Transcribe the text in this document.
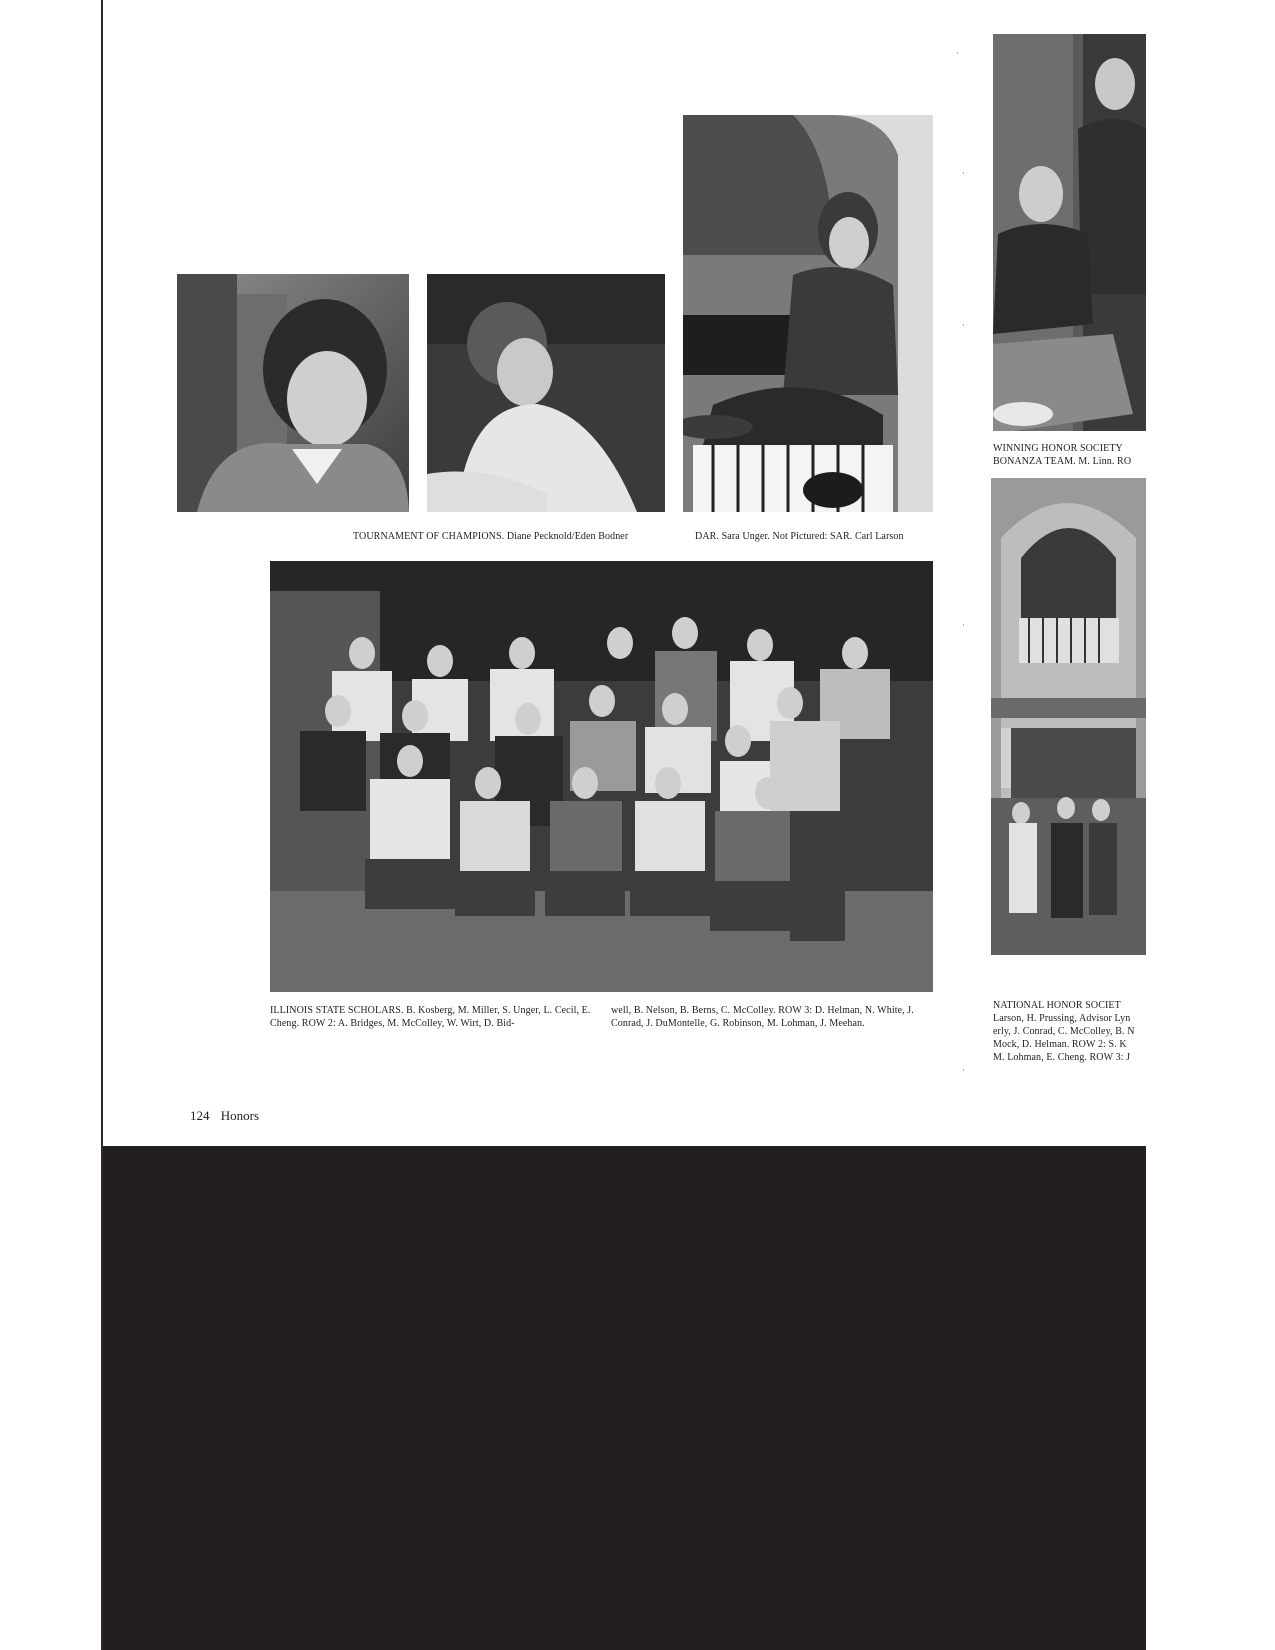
TOURNAMENT OF CHAMPIONS. Diane Pecknold/Eden Bodner	DAR. Sara Unger. Not Pictured: SAR. Carl Larson
ILLINOIS STATE SCHOLARS. B. Kosberg, M. Miller, S. Unger, L. Cecil, E. Cheng. ROW 2: A. Bridges, M. McColley, W. Wirt, D. Bid-
well, B. Nelson, B. Berns, C. McColley. ROW 3: D. Helman, N. White, J. Conrad, J. DuMontelle, G. Robinson, M. Lohman, J. Meehan.
WINNING HONOR SOCIETY
BONANZA TEAM. M. Linn. RO
NATIONAL HONOR SOCIET
Larson, H. Prussing, Advisor Lyn
erly, J. Conrad, C. McColley, B. N
Mock, D. Helman. ROW 2: S. K
M. Lohman, E. Cheng. ROW 3: J
124 Honors
·
·
·
·
·
